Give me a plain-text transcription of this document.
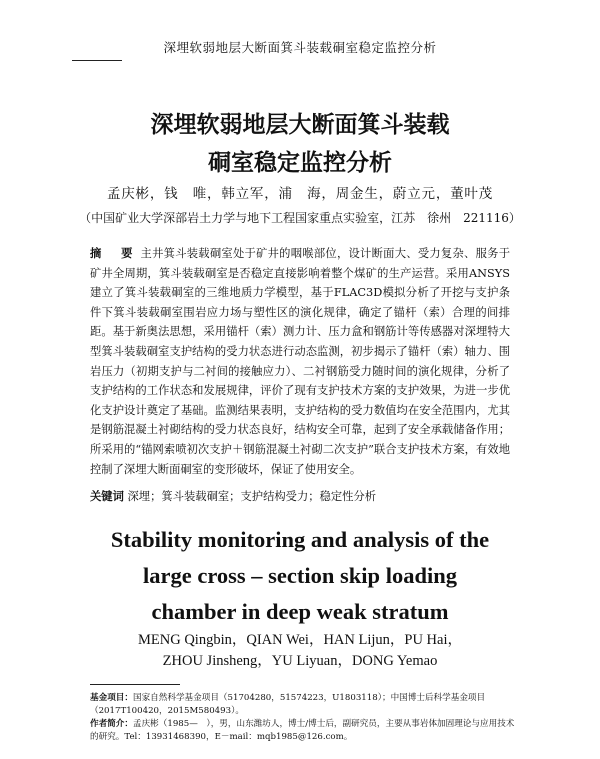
深埋软弱地层大断面箕斗装载硐室稳定监控分析
深埋软弱地层大断面箕斗装载
硐室稳定监控分析
孟庆彬，钱　唯，韩立军，浦　海，周金生，蔚立元，董叶茂
（中国矿业大学深部岩土力学与地下工程国家重点实验室，江苏　徐州　221116）
摘　要 主井箕斗装载硐室处于矿井的咽喉部位，设计断面大、受力复杂、服务于矿井全周期，箕斗装载硐室是否稳定直接影响着整个煤矿的生产运营。采用ANSYS建立了箕斗装载硐室的三维地质力学模型，基于FLAC3D模拟分析了开挖与支护条件下箕斗装载硐室围岩应力场与塑性区的演化规律，确定了锚杆（索）合理的间排距。基于新奥法思想，采用锚杆（索）测力计、压力盒和钢筋计等传感器对深埋特大型箕斗装载硐室支护结构的受力状态进行动态监测，初步揭示了锚杆（索）轴力、围岩压力（初期支护与二衬间的接触应力）、二衬钢筋受力随时间的演化规律，分析了支护结构的工作状态和发展规律，评价了现有支护技术方案的支护效果，为进一步优化支护设计奠定了基础。监测结果表明，支护结构的受力数值均在安全范围内，尤其是钢筋混凝土衬砌结构的受力状态良好，结构安全可靠，起到了安全承载储备作用；所采用的“锚网索喷初次支护＋钢筋混凝土衬砌二次支护”联合支护技术方案，有效地控制了深埋大断面硐室的变形破坏，保证了使用安全。
关键词 深埋；箕斗装载硐室；支护结构受力；稳定性分析
Stability monitoring and analysis of the
large cross – section skip loading
chamber in deep weak stratum
MENG Qingbin，QIAN Wei，HAN Lijun，PU Hai，
ZHOU Jinsheng，YU Liyuan，DONG Yemao
基金项目：国家自然科学基金项目（51704280，51574223，U1803118）；中国博士后科学基金项目（2017T100420，2015M580493）。
作者简介：孟庆彬（1985—　），男，山东潍坊人，博士/博士后，副研究员，主要从事岩体加固理论与应用技术的研究。Tel：13931468390，E－mail：mqb1985@126.com。
